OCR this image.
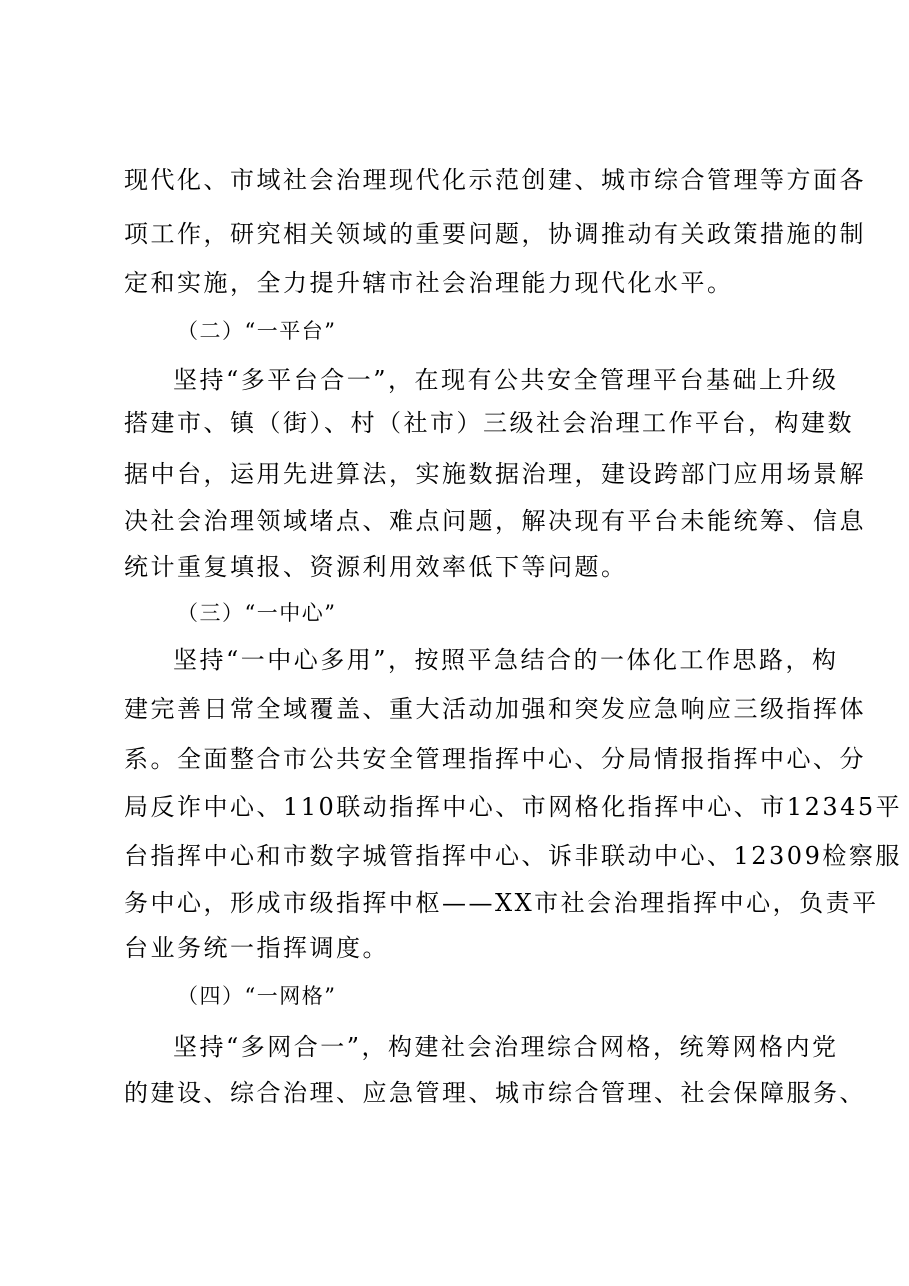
现代化、市域社会治理现代化示范创建、城市综合管理等方面各
项工作，研究相关领域的重要问题，协调推动有关政策措施的制
定和实施，全力提升辖市社会治理能力现代化水平。
（二）“一平台”
坚持“多平台合一”，在现有公共安全管理平台基础上升级
搭建市、镇（街）、村（社市）三级社会治理工作平台，构建数
据中台，运用先进算法，实施数据治理，建设跨部门应用场景解
决社会治理领域堵点、难点问题，解决现有平台未能统筹、信息
统计重复填报、资源利用效率低下等问题。
（三）“一中心”
坚持“一中心多用”，按照平急结合的一体化工作思路，构
建完善日常全域覆盖、重大活动加强和突发应急响应三级指挥体
系。全面整合市公共安全管理指挥中心、分局情报指挥中心、分
局反诈中心、110联动指挥中心、市网格化指挥中心、市12345平
台指挥中心和市数字城管指挥中心、诉非联动中心、12309检察服
务中心，形成市级指挥中枢——XX市社会治理指挥中心，负责平
台业务统一指挥调度。
（四）“一网格”
坚持“多网合一”，构建社会治理综合网格，统筹网格内党
的建设、综合治理、应急管理、城市综合管理、社会保障服务、
